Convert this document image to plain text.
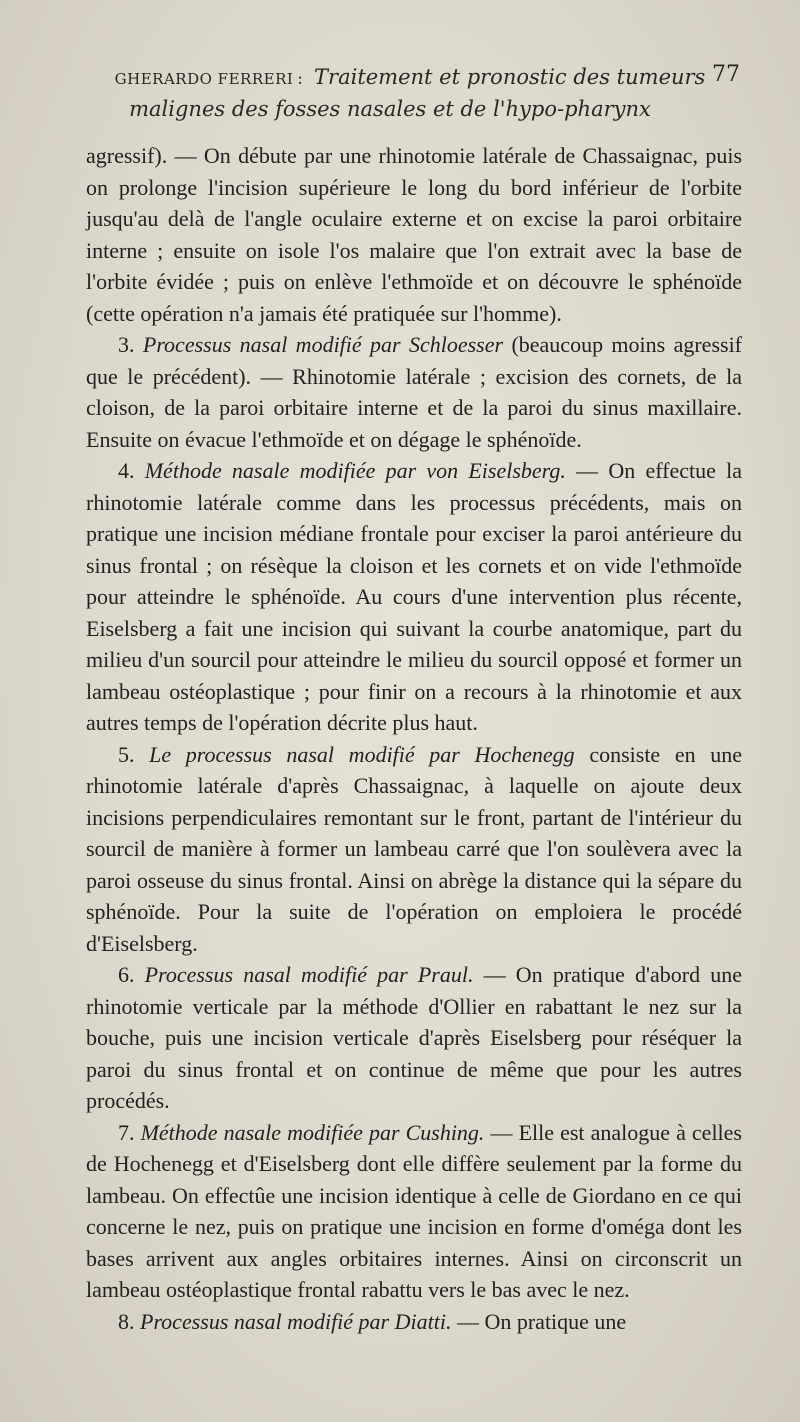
GHERARDO FERRERI : Traitement et pronostic des tumeurs 77
malignes des fosses nasales et de l'hypo-pharynx

agressif). — On débute par une rhinotomie latérale de Chassaignac, puis on prolonge l'incision supérieure le long du bord inférieur de l'orbite jusqu'au delà de l'angle oculaire externe et on excise la paroi orbitaire interne ; ensuite on isole l'os malaire que l'on extrait avec la base de l'orbite évidée ; puis on enlève l'ethmoïde et on découvre le sphénoïde (cette opération n'a jamais été pratiquée sur l'homme).

3. Processus nasal modifié par Schloesser (beaucoup moins agressif que le précédent). — Rhinotomie latérale ; excision des cornets, de la cloison, de la paroi orbitaire interne et de la paroi du sinus maxillaire. Ensuite on évacue l'ethmoïde et on dégage le sphénoïde.

4. Méthode nasale modifiée par von Eiselsberg. — On effectue la rhinotomie latérale comme dans les processus précédents, mais on pratique une incision médiane frontale pour exciser la paroi antérieure du sinus frontal ; on résèque la cloison et les cornets et on vide l'ethmoïde pour atteindre le sphénoïde. Au cours d'une intervention plus récente, Eiselsberg a fait une incision qui suivant la courbe anatomique, part du milieu d'un sourcil pour atteindre le milieu du sourcil opposé et former un lambeau ostéoplastique ; pour finir on a recours à la rhinotomie et aux autres temps de l'opération décrite plus haut.

5. Le processus nasal modifié par Hochenegg consiste en une rhinotomie latérale d'après Chassaignac, à laquelle on ajoute deux incisions perpendiculaires remontant sur le front, partant de l'intérieur du sourcil de manière à former un lambeau carré que l'on soulèvera avec la paroi osseuse du sinus frontal. Ainsi on abrège la distance qui la sépare du sphénoïde. Pour la suite de l'opération on emploiera le procédé d'Eiselsberg.

6. Processus nasal modifié par Praul. — On pratique d'abord une rhinotomie verticale par la méthode d'Ollier en rabattant le nez sur la bouche, puis une incision verticale d'après Eiselsberg pour réséquer la paroi du sinus frontal et on continue de même que pour les autres procédés.

7. Méthode nasale modifiée par Cushing. — Elle est analogue à celles de Hochenegg et d'Eiselsberg dont elle diffère seulement par la forme du lambeau. On effectûe une incision identique à celle de Giordano en ce qui concerne le nez, puis on pratique une incision en forme d'oméga dont les bases arrivent aux angles orbitaires internes. Ainsi on circonscrit un lambeau ostéoplastique frontal rabattu vers le bas avec le nez.

8. Processus nasal modifié par Diatti. — On pratique une
